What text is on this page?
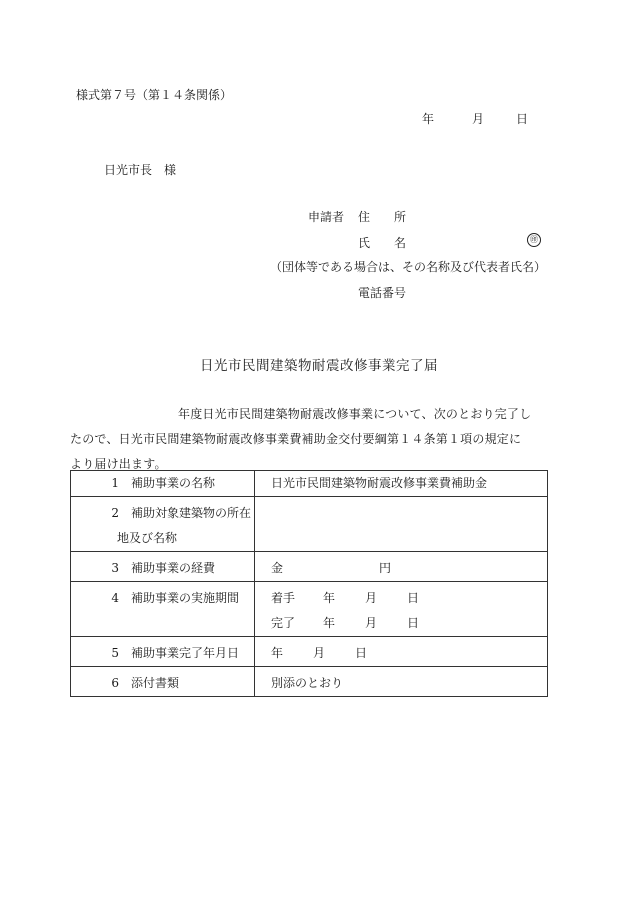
様式第７号（第１４条関係）
年	月	日
日光市長　様
申請者 住　　所
氏　　名	㊞
（団体等である場合は、その名称及び代表者氏名）
電話番号
日光市民間建築物耐震改修事業完了届
年度日光市民間建築物耐震改修事業について、次のとおり完了し
たので、日光市民間建築物耐震改修事業費補助金交付要綱第１４条第１項の規定に
より届け出ます。
1 補助事業の名称	日光市民間建築物耐震改修事業費補助金

2 補助対象建築物の所在
地及び名称	

3 補助事業の経費	金 円
4 補助事業の実施期間	着手 年 月 日
完了 年 月 日

5 補助事業完了年月日	年 月 日
6 添付書類	別添のとおり
